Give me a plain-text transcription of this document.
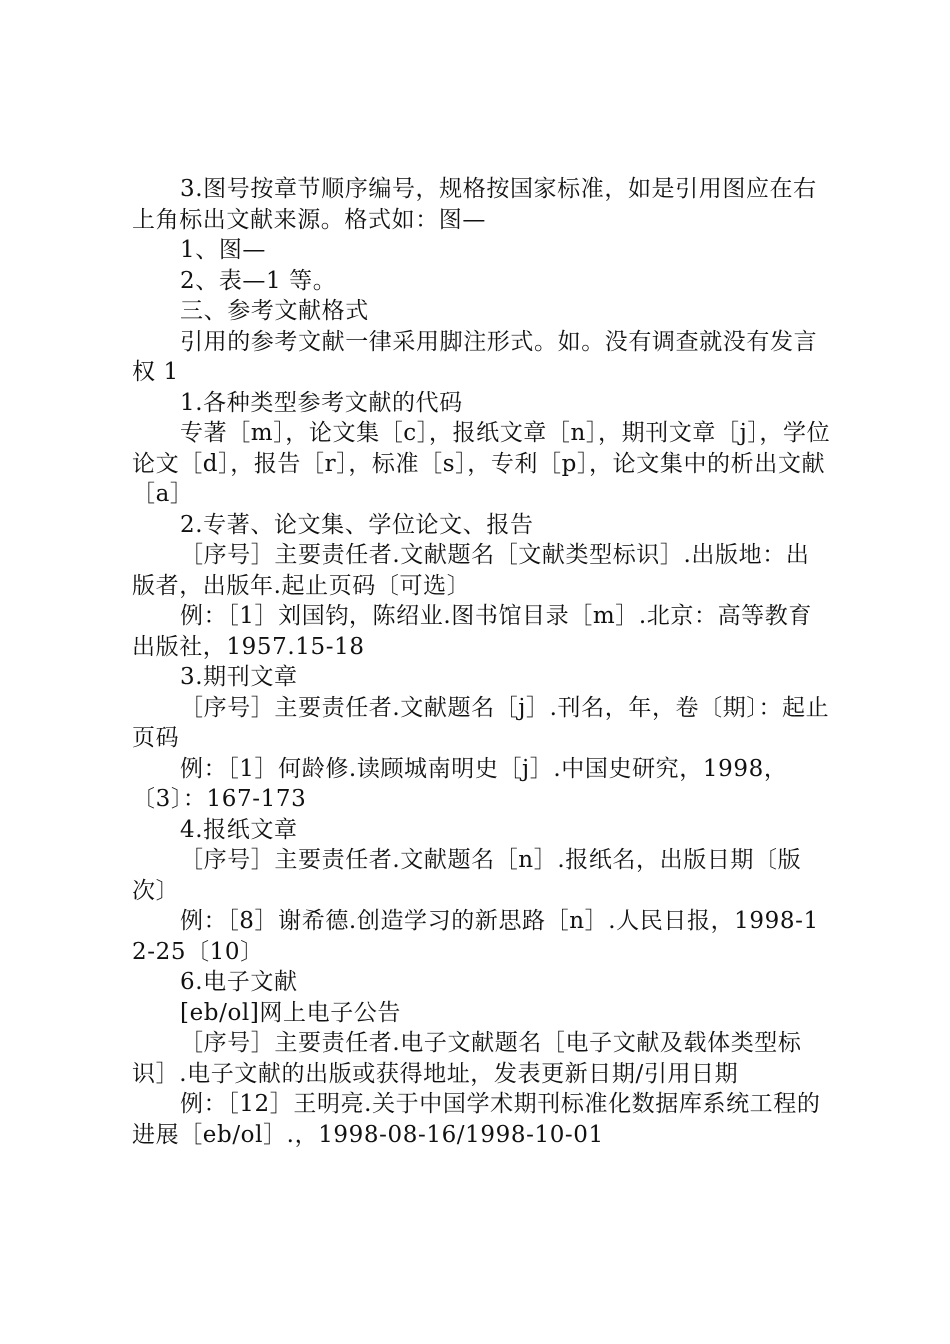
3.图号按章节顺序编号，规格按国家标准，如是引用图应在右上角标出文献来源。格式如：图—

1、图—

2、表—1 等。

三、参考文献格式

引用的参考文献一律采用脚注形式。如。没有调查就没有发言权 1

1.各种类型参考文献的代码

专著［m］，论文集［c］，报纸文章［n］，期刊文章［j］，学位论文［d］，报告［r］，标准［s］，专利［p］，论文集中的析出文献［a］

2.专著、论文集、学位论文、报告

［序号］主要责任者.文献题名［文献类型标识］.出版地：出版者，出版年.起止页码〔可选〕

例：［1］刘国钧，陈绍业.图书馆目录［m］.北京：高等教育出版社，1957.15-18

3.期刊文章

［序号］主要责任者.文献题名［j］.刊名，年，卷〔期〕：起止页码

例：［1］何龄修.读顾城南明史［j］.中国史研究，1998，〔3〕：167-173

4.报纸文章

［序号］主要责任者.文献题名［n］.报纸名，出版日期〔版次〕

例：［8］谢希德.创造学习的新思路［n］.人民日报，1998-12-25〔10〕

6.电子文献

[eb/ol]网上电子公告

［序号］主要责任者.电子文献题名［电子文献及载体类型标识］.电子文献的出版或获得地址，发表更新日期/引用日期

例：［12］王明亮.关于中国学术期刊标准化数据库系统工程的进展［eb/ol］.，1998-08-16/1998-10-01
